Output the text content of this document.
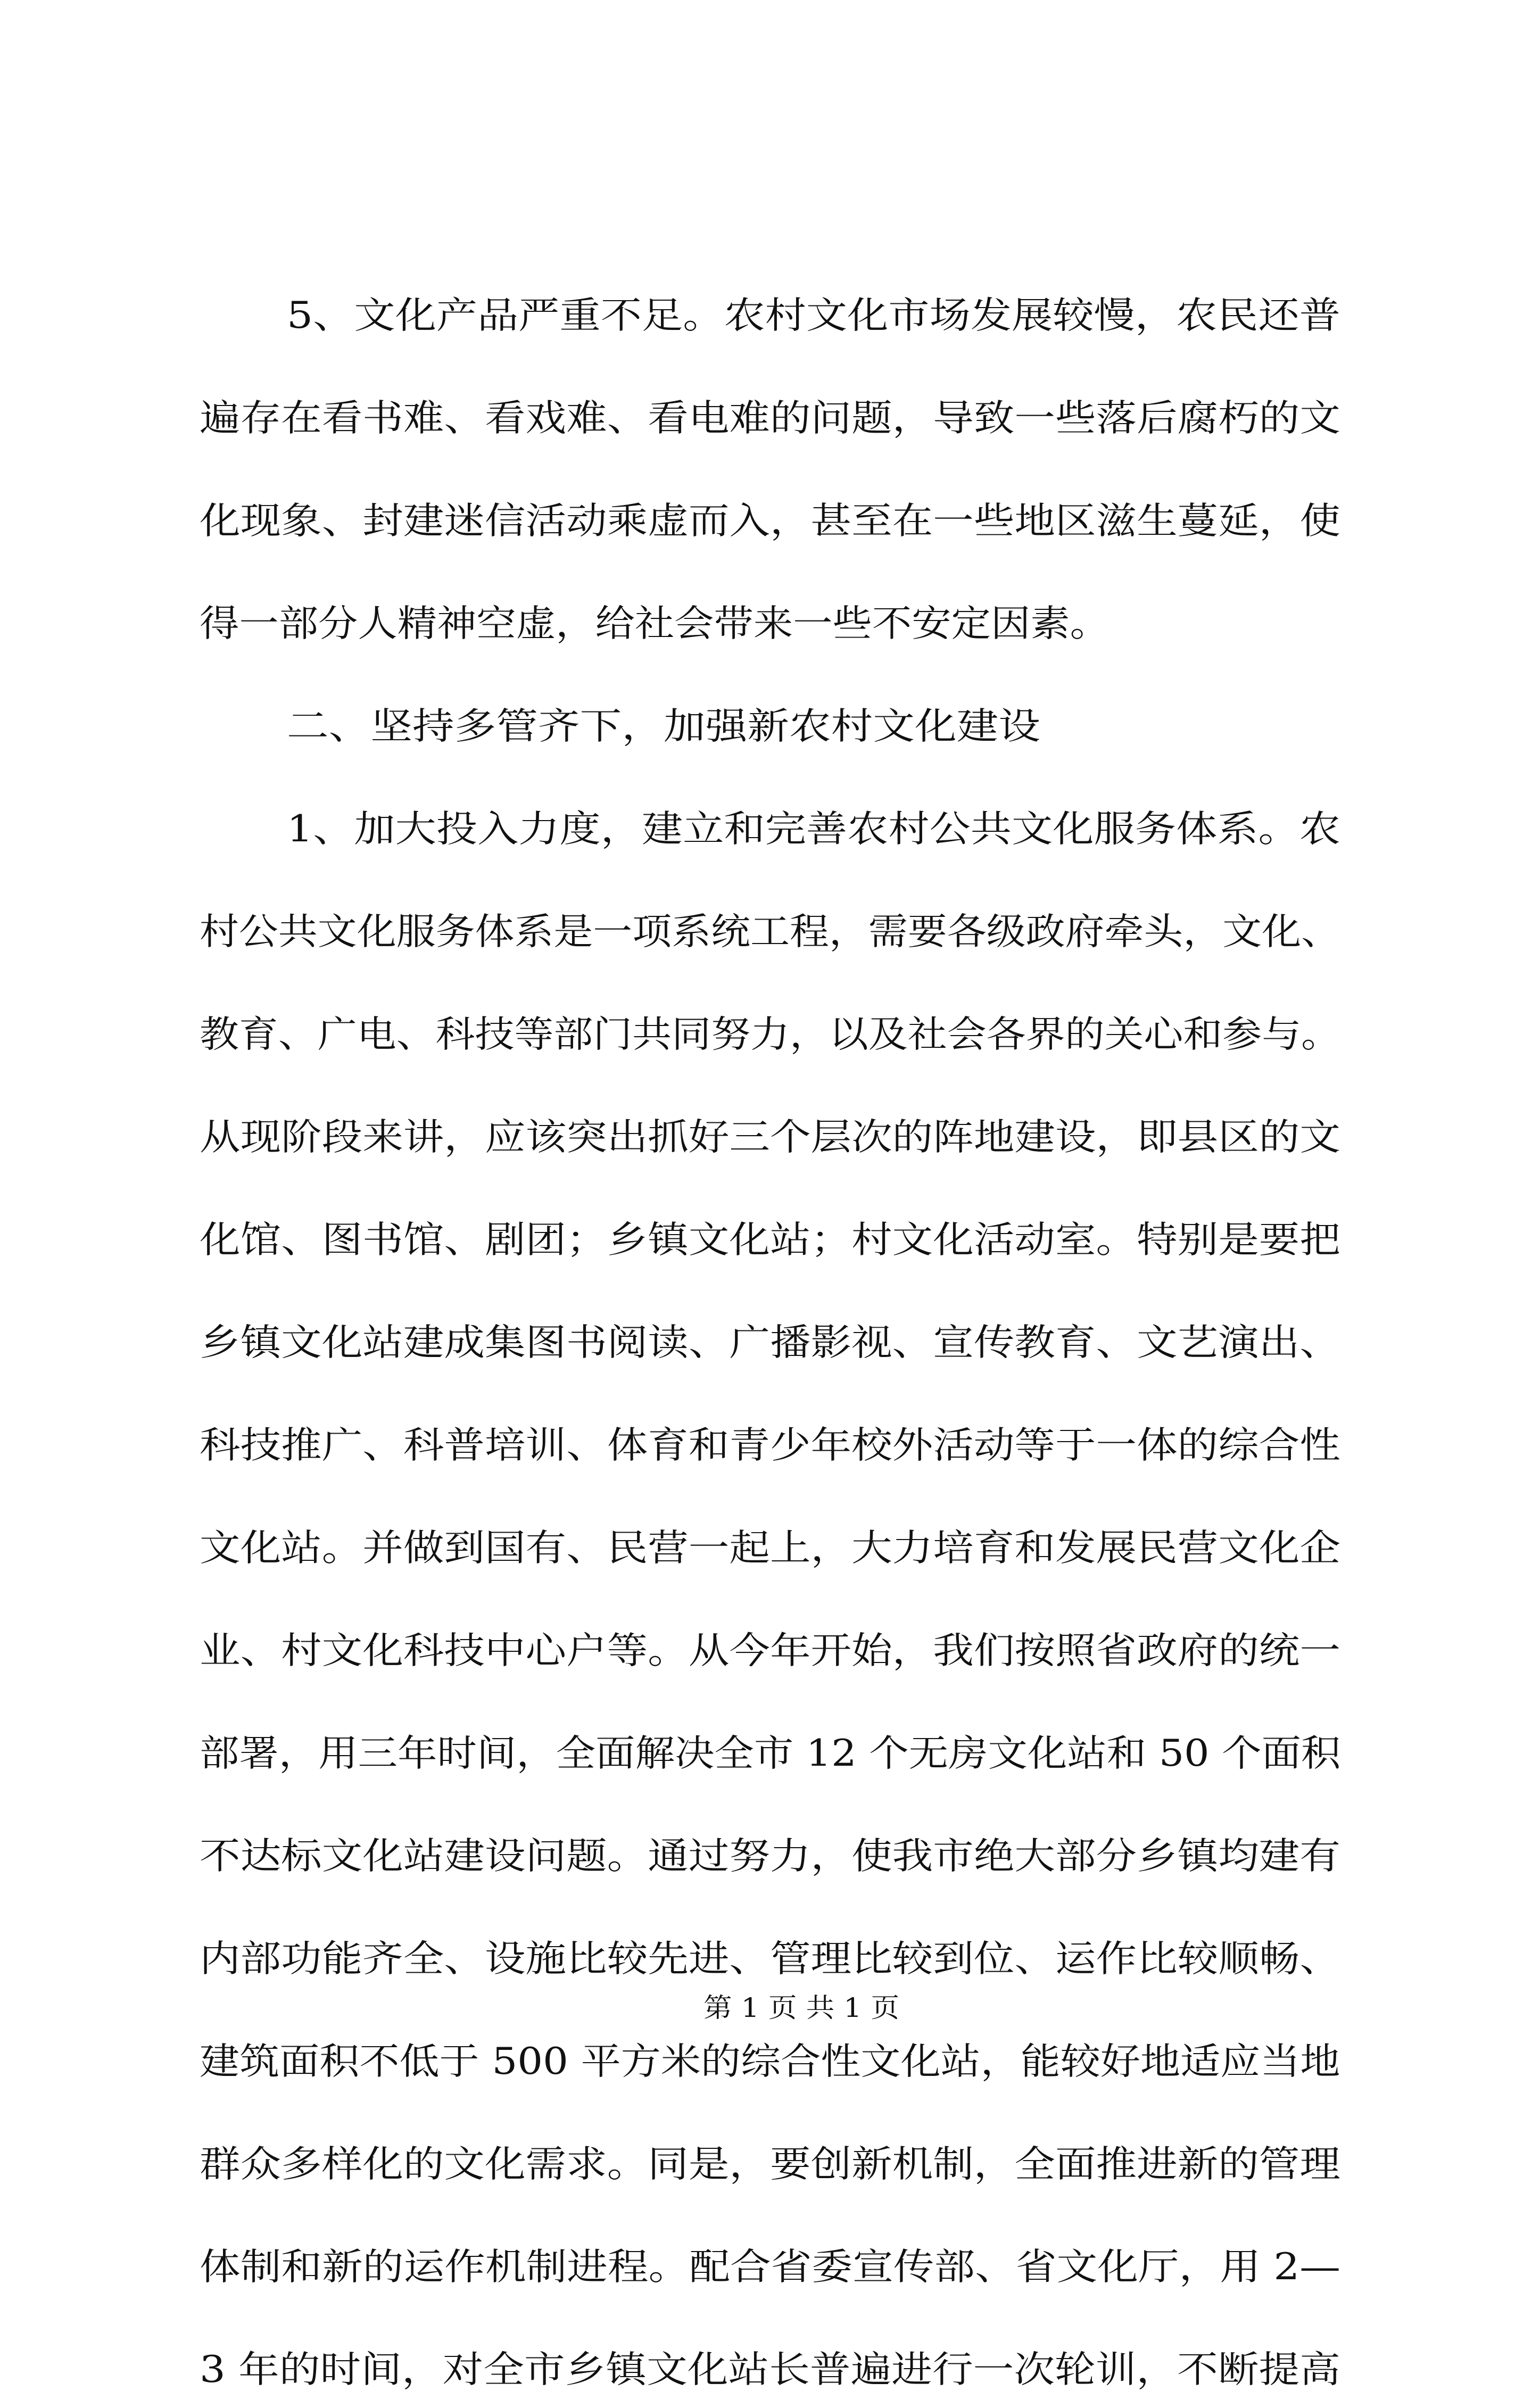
5、文化产品严重不足。农村文化市场发展较慢，农民还普

遍存在看书难、看戏难、看电难的问题，导致一些落后腐朽的文

化现象、封建迷信活动乘虚而入，甚至在一些地区滋生蔓延，使

得一部分人精神空虚，给社会带来一些不安定因素。

二、坚持多管齐下，加强新农村文化建设

1、加大投入力度，建立和完善农村公共文化服务体系。农

村公共文化服务体系是一项系统工程，需要各级政府牵头，文化、

教育、广电、科技等部门共同努力，以及社会各界的关心和参与。

从现阶段来讲，应该突出抓好三个层次的阵地建设，即县区的文

化馆、图书馆、剧团；乡镇文化站；村文化活动室。特别是要把

乡镇文化站建成集图书阅读、广播影视、宣传教育、文艺演出、

科技推广、科普培训、体育和青少年校外活动等于一体的综合性

文化站。并做到国有、民营一起上，大力培育和发展民营文化企

业、村文化科技中心户等。从今年开始，我们按照省政府的统一

部署，用三年时间，全面解决全市 12 个无房文化站和 50 个面积

不达标文化站建设问题。通过努力，使我市绝大部分乡镇均建有

内部功能齐全、设施比较先进、管理比较到位、运作比较顺畅、

建筑面积不低于 500 平方米的综合性文化站，能较好地适应当地

群众多样化的文化需求。同是，要创新机制，全面推进新的管理

体制和新的运作机制进程。配合省委宣传部、省文化厅，用 2—

3 年的时间，对全市乡镇文化站长普遍进行一次轮训，不断提高

第 1 页 共 1 页
